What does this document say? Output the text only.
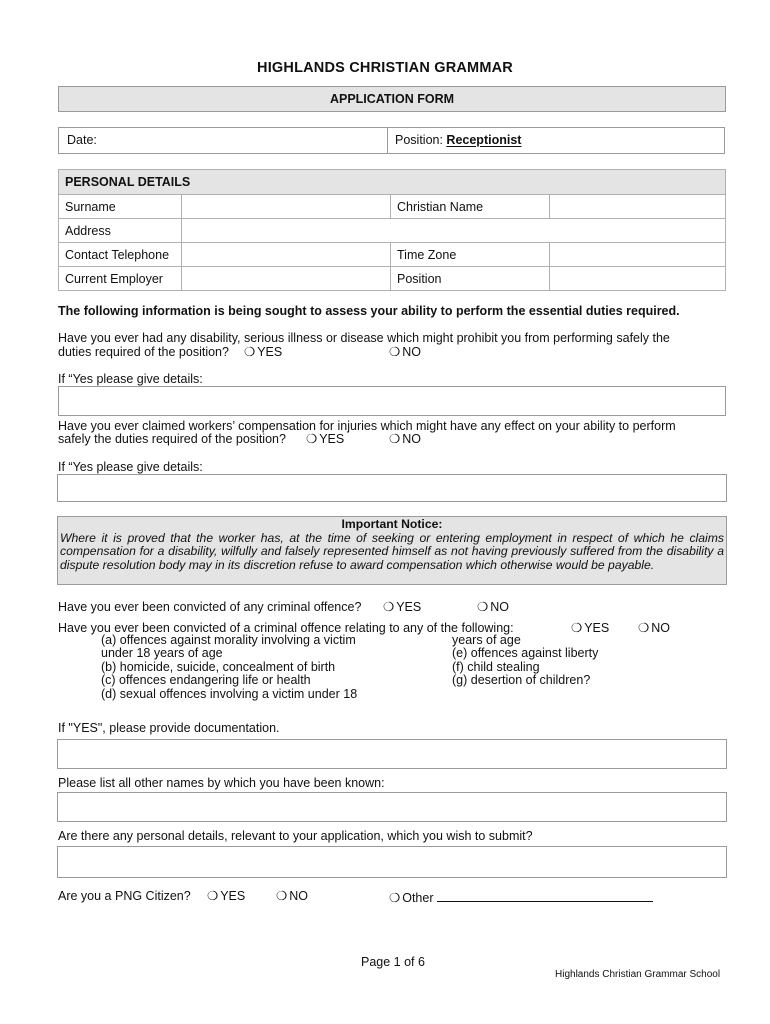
HIGHLANDS CHRISTIAN GRAMMAR
APPLICATION FORM
Date:	Position: Receptionist
PERSONAL DETAILS			
Surname		Christian Name	
Address			
Contact Telephone		Time Zone	
Current Employer		Position	
The following information is being sought to assess your ability to perform the essential duties required.
Have you ever had any disability, serious illness or disease which might prohibit you from performing safely the
duties required of the position? ❍ YES	❍ NO
If “Yes please give details:
Have you ever claimed workers’ compensation for injuries which might have any effect on your ability to perform
safely the duties required of the position? ❍ YES	❍ NO
If “Yes please give details:
Important Notice:
Where it is proved that the worker has, at the time of seeking or entering employment in respect of which he claims compensation for a disability, wilfully and falsely represented himself as not having previously suffered from the disability a dispute resolution body may in its discretion refuse to award compensation which otherwise would be payable.
Have you ever been convicted of any criminal offence? ❍ YES	❍ NO
Have you ever been convicted of a criminal offence relating to any of the following:	❍ YES ❍ NO
(a) offences against morality involving a victim
under 18 years of age
(b) homicide, suicide, concealment of birth
(c) offences endangering life or health
(d) sexual offences involving a victim under 18
years of age
(e) offences against liberty
(f) child stealing
(g) desertion of children?
If "YES", please provide documentation.
Please list all other names by which you have been known:
Are there any personal details, relevant to your application, which you wish to submit?
Are you a PNG Citizen? ❍ YES ❍ NO	❍ Other
Page 1 of 6
Highlands Christian Grammar School
